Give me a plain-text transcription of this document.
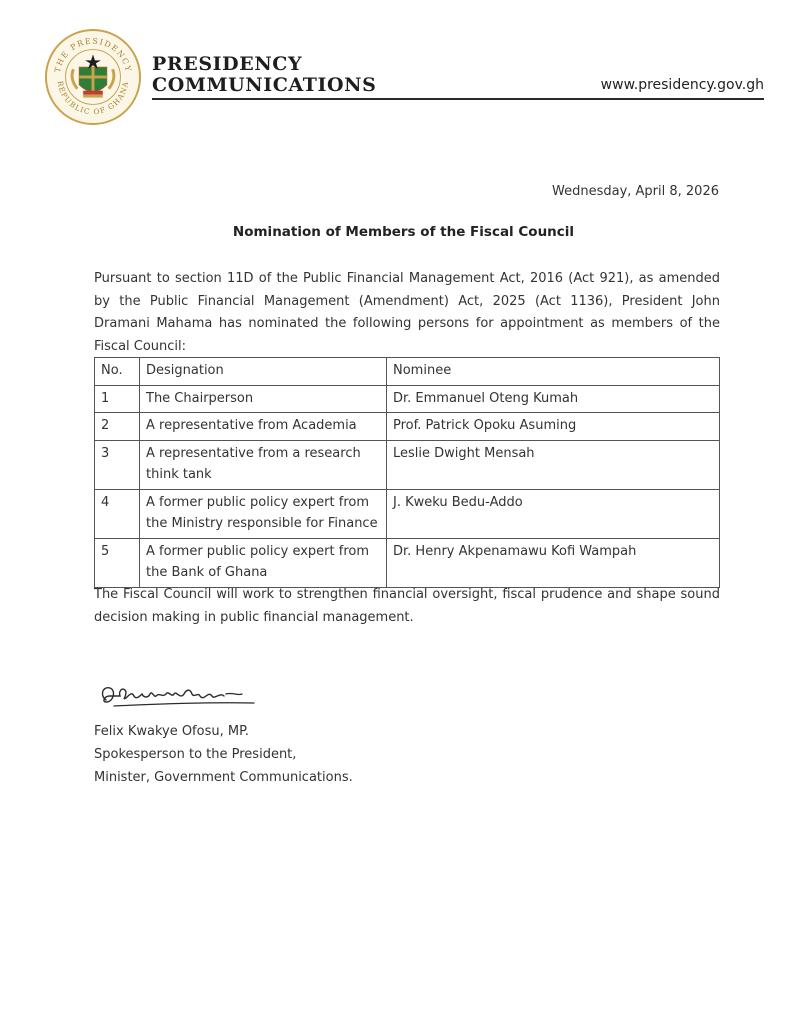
THE PRESIDENCY
REPUBLIC OF GHANA
PRESIDENCY
COMMUNICATIONS	www.presidency.gov.gh
Wednesday, April 8, 2026
Nomination of Members of the Fiscal Council
Pursuant to section 11D of the Public Financial Management Act, 2016 (Act 921), as amended by the Public Financial Management (Amendment) Act, 2025 (Act 1136), President John Dramani Mahama has nominated the following persons for appointment as members of the Fiscal Council:
No.	Designation	Nominee
1	The Chairperson	Dr. Emmanuel Oteng Kumah
2	A representative from Academia	Prof. Patrick Opoku Asuming
3	A representative from a research think tank	Leslie Dwight Mensah
4	A former public policy expert from the Ministry responsible for Finance	J. Kweku Bedu-Addo
5	A former public policy expert from the Bank of Ghana	Dr. Henry Akpenamawu Kofi Wampah
The Fiscal Council will work to strengthen financial oversight, fiscal prudence and shape sound decision making in public financial management.
Felix Kwakye Ofosu, MP.
Spokesperson to the President,
Minister, Government Communications.
